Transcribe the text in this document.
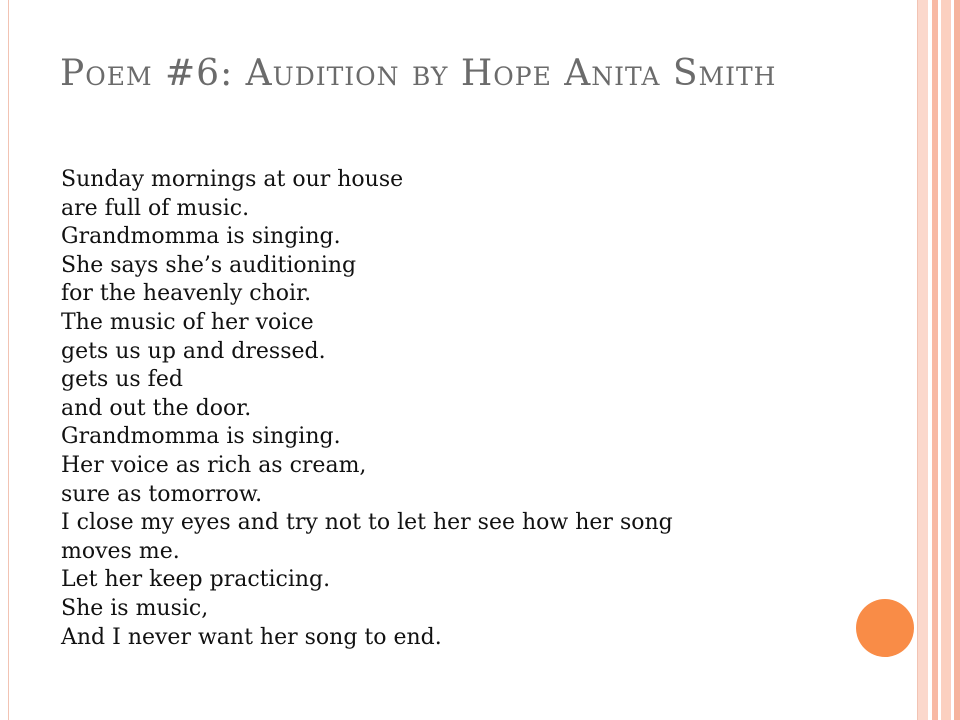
Poem #6: Audition by Hope Anita Smith
Sunday mornings at our house
are full of music.
Grandmomma is singing.
She says she’s auditioning
for the heavenly choir.
The music of her voice
gets us up and dressed.
gets us fed
and out the door.
Grandmomma is singing.
Her voice as rich as cream,
sure as tomorrow.
I close my eyes and try not to let her see how her song
moves me.
Let her keep practicing.
She is music,
And I never want her song to end.
